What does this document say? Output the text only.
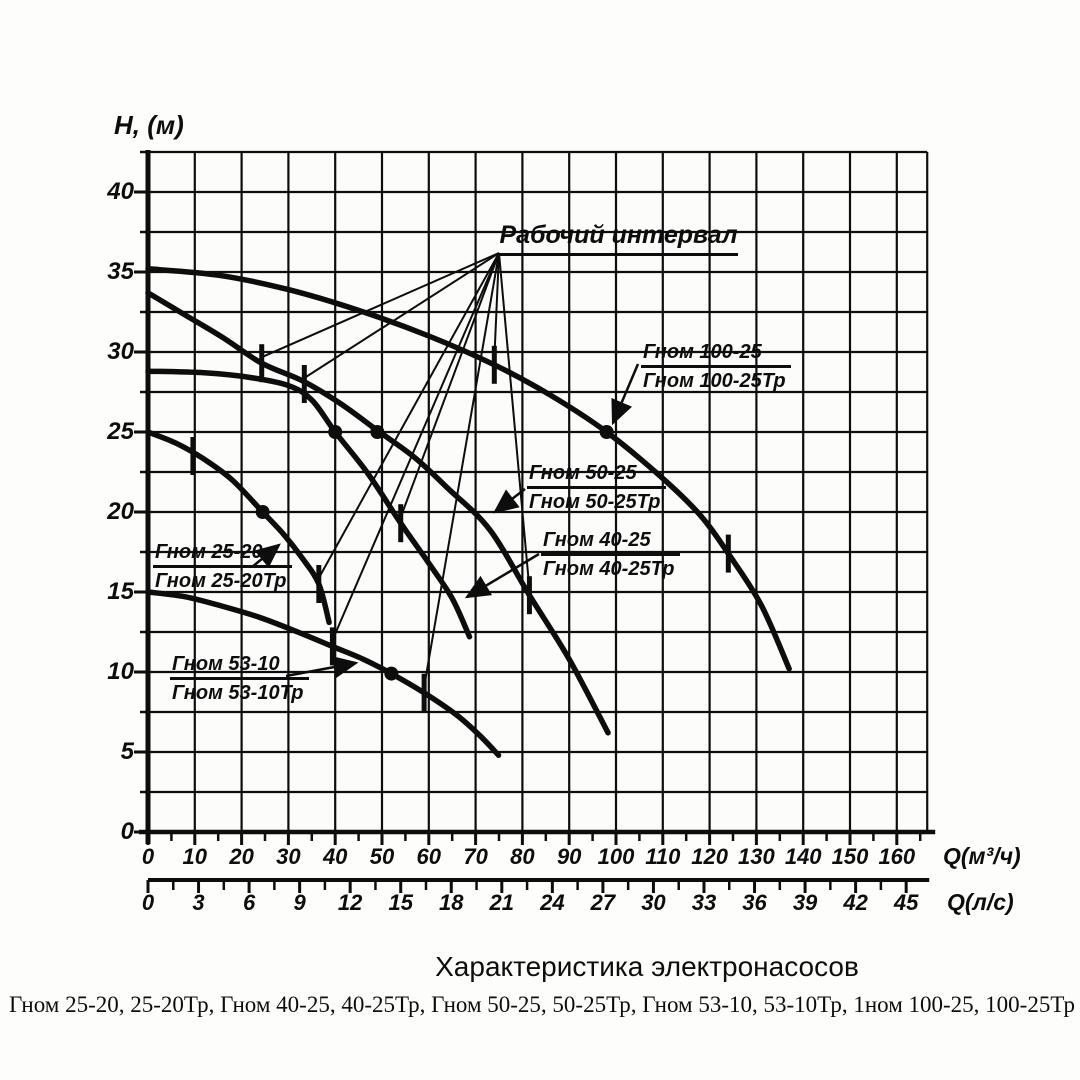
Н, (м)
Q(м³/ч)
Q(л/с)
Рабочий интервал
Гном 25-20
Гном 25-20Тр
Гном 40-25
Гном 40-25Тр
Гном 50-25
Гном 50-25Тр
Гном 100-25
Гном 100-25Тр
Гном 53-10
Гном 53-10Тр
Характеристика электронасосов
Гном 25-20, 25-20Тр, Гном 40-25, 40-25Тр, Гном 50-25, 50-25Тр, Гном 53-10, 53-10Тр, 1ном 100-25, 100-25Тр
0
5
10
15
20
25
30
35
40
0	10	20	30	40	50	60	70	80	90 100 110 120 130 140 150 160
0	3	6	9	12	15	18	21	24	27	30	33	36	39	42	45
